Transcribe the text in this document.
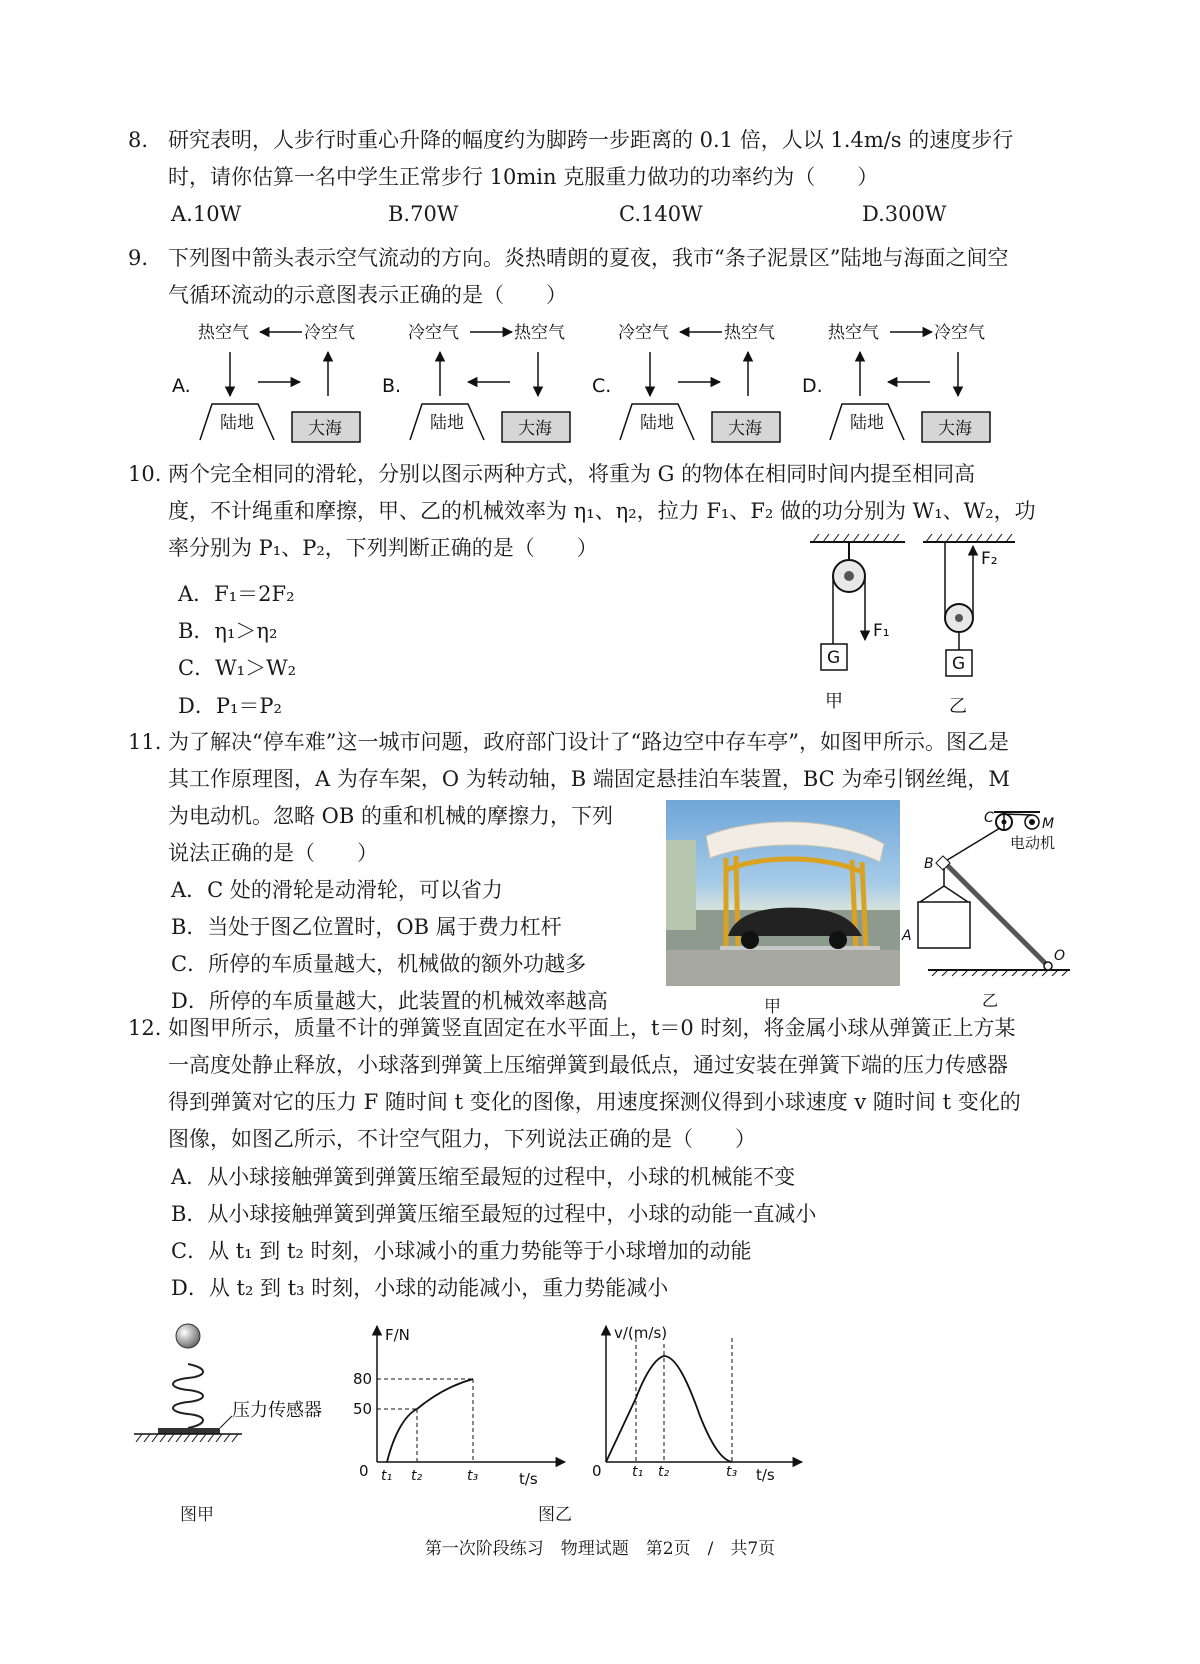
8. 研究表明，人步行时重心升降的幅度约为脚跨一步距离的 0.1 倍，人以 1.4m/s 的速度步行
时，请你估算一名中学生正常步行 10min 克服重力做功的功率约为（　　）
A.10W	B.70W	C.140W	D.300W
9. 下列图中箭头表示空气流动的方向。炎热晴朗的夏夜，我市“条子泥景区”陆地与海面之间空
气循环流动的示意图表示正确的是（　　）
A.
热空气	冷空气
陆地	大海
B.
冷空气	热空气
陆地	大海
C.
冷空气	热空气
陆地	大海
D.
热空气	冷空气
陆地	大海
10. 两个完全相同的滑轮，分别以图示两种方式，将重为 G 的物体在相同时间内提至相同高
度，不计绳重和摩擦，甲、乙的机械效率为 η₁、η₂，拉力 F₁、F₂ 做的功分别为 W₁、W₂，功
率分别为 P₁、P₂，下列判断正确的是（　　）
A．F₁＝2F₂
B．η₁＞η₂
C．W₁＞W₂
D．P₁＝P₂
F₁
G
甲
F₂
G
乙
11. 为了解决“停车难”这一城市问题，政府部门设计了“路边空中存车亭”，如图甲所示。图乙是
其工作原理图，A 为存车架，O 为转动轴，B 端固定悬挂泊车装置，BC 为牵引钢丝绳，M
为电动机。忽略 OB 的重和机械的摩擦力，下列
说法正确的是（　　）
A．C 处的滑轮是动滑轮，可以省力
B．当处于图乙位置时，OB 属于费力杠杆
C．所停的车质量越大，机械做的额外功越多
D．所停的车质量越大，此装置的机械效率越高	甲
C	M
电动机
B
O
A
乙
12. 如图甲所示，质量不计的弹簧竖直固定在水平面上，t＝0 时刻，将金属小球从弹簧正上方某
一高度处静止释放，小球落到弹簧上压缩弹簧到最低点，通过安装在弹簧下端的压力传感器
得到弹簧对它的压力 F 随时间 t 变化的图像，用速度探测仪得到小球速度 v 随时间 t 变化的
图像，如图乙所示，不计空气阻力，下列说法正确的是（　　）
A．从小球接触弹簧到弹簧压缩至最短的过程中，小球的机械能不变
B．从小球接触弹簧到弹簧压缩至最短的过程中，小球的动能一直减小
C．从 t₁ 到 t₂ 时刻，小球减小的重力势能等于小球增加的动能
D．从 t₂ 到 t₃ 时刻，小球的动能减小，重力势能减小
压力传感器
图甲
F/N
t/s
0
80
50
t₁ t₂	t₃
v/(m/s)
t/s
0 t₁ t₂	t₃
图乙
第一次阶段练习　物理试题　第2页　/　共7页
